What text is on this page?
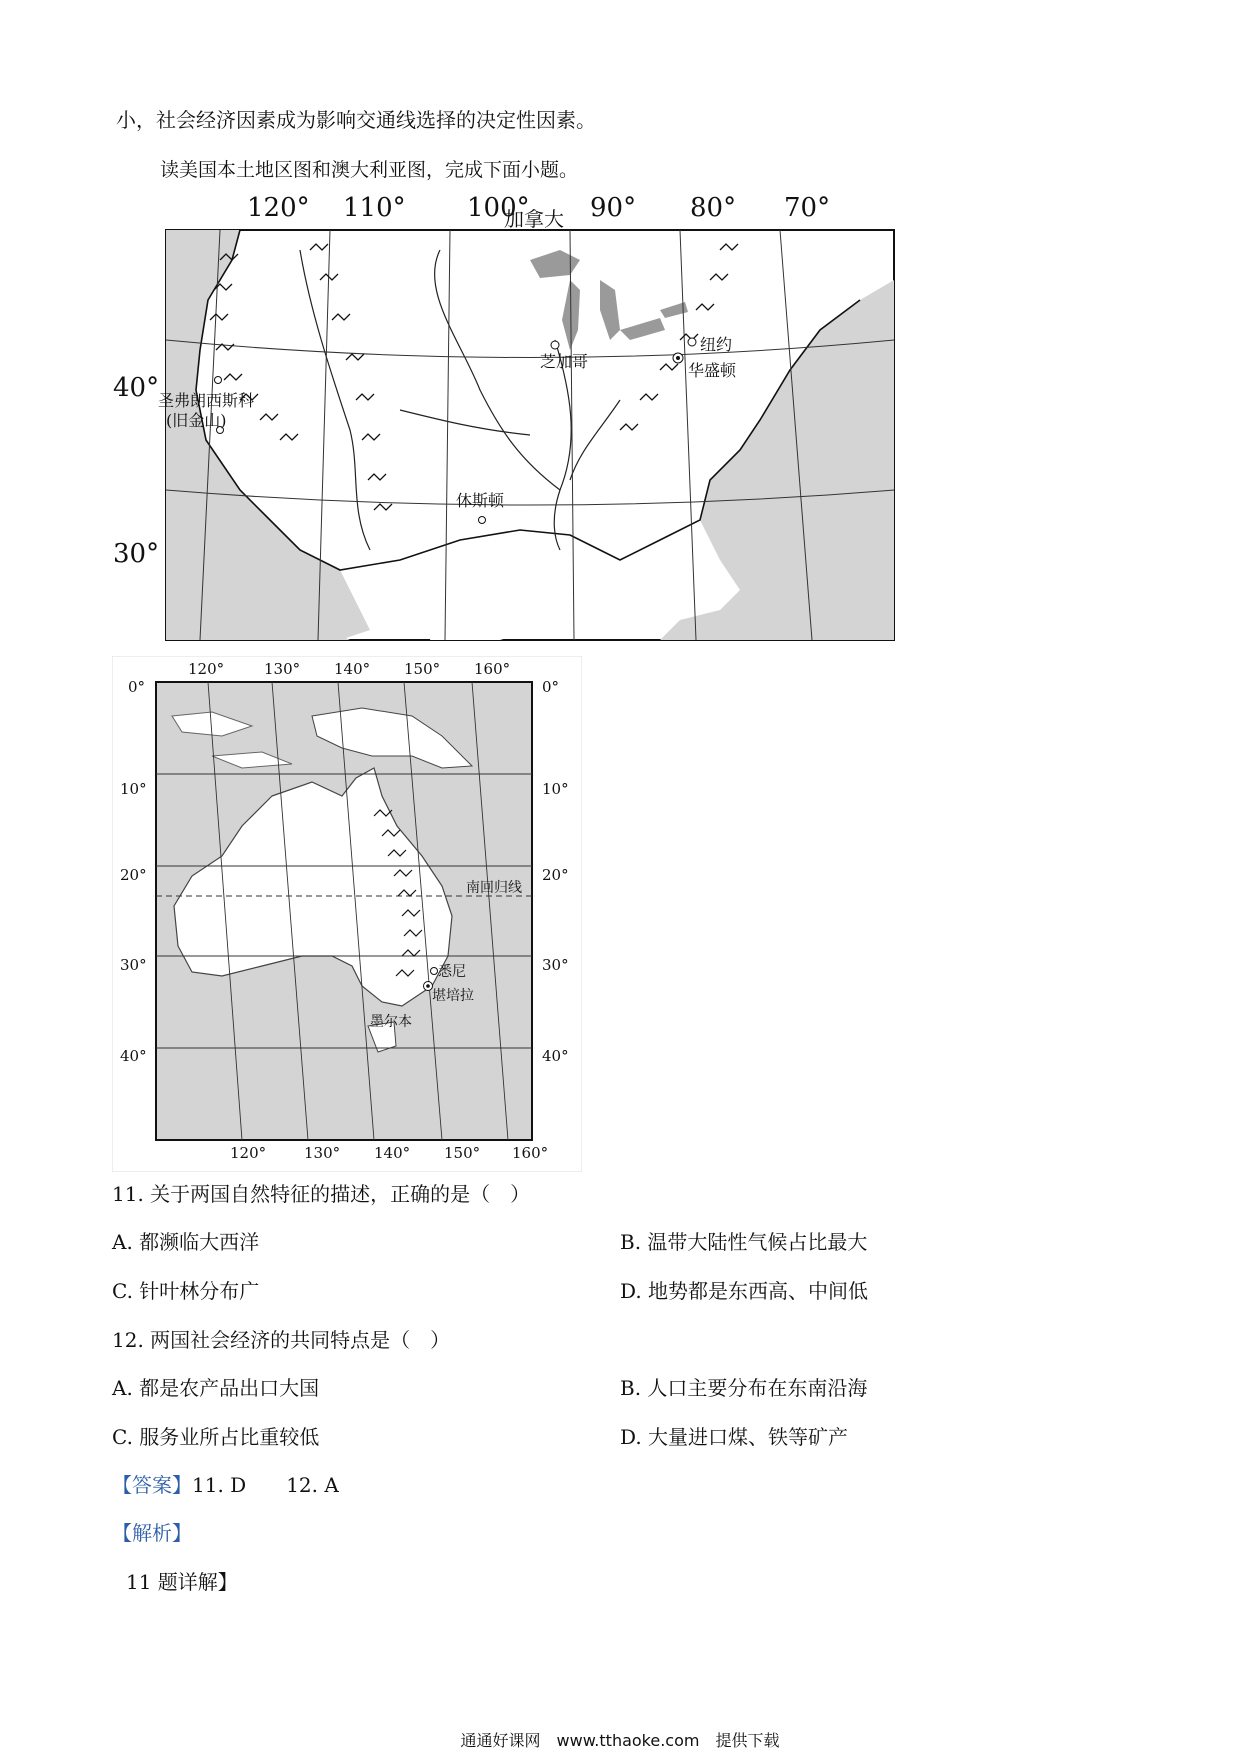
小，社会经济因素成为影响交通线选择的决定性因素。
读美国本土地区图和澳大利亚图，完成下面小题。
120° 110° 100° 90° 80° 70°
40°
30°
加拿大
芝加哥
纽约
华盛顿
圣弗朗西斯科
(旧金山)
休斯顿
120°	130° 140° 150° 160°
0°
10°
20°
30°
40°
0°
10°
20°
30°
40°
120°	130° 140° 150° 160°
南回归线
悉尼
堪培拉
墨尔本
11. 关于两国自然特征的描述，正确的是（　）
A. 都濒临大西洋	B. 温带大陆性气候占比最大
C. 针叶林分布广	D. 地势都是东西高、中间低
12. 两国社会经济的共同特点是（　）
A. 都是农产品出口大国	B. 人口主要分布在东南沿海
C. 服务业所占比重较低	D. 大量进口煤、铁等矿产
【答案】11. D　　12. A
【解析】
11 题详解】
通通好课网　www.tthaoke.com　提供下载
